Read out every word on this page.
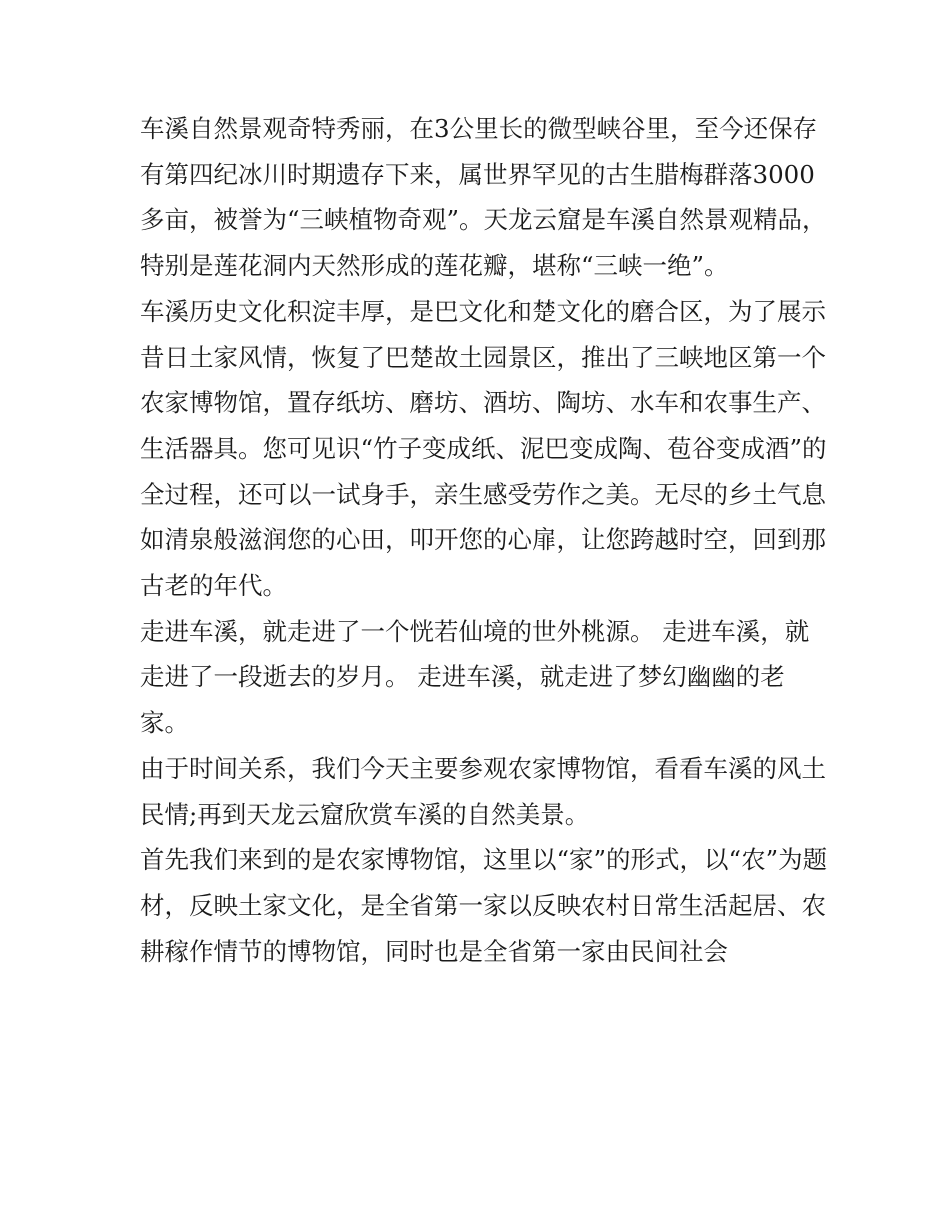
车溪自然景观奇特秀丽，在3公里长的微型峡谷里，至今还保存有第四纪冰川时期遗存下来，属世界罕见的古生腊梅群落3000多亩，被誉为“三峡植物奇观”。天龙云窟是车溪自然景观精品，特别是莲花洞内天然形成的莲花瓣，堪称“三峡一绝”。

车溪历史文化积淀丰厚，是巴文化和楚文化的磨合区，为了展示昔日土家风情，恢复了巴楚故土园景区，推出了三峡地区第一个农家博物馆，置存纸坊、磨坊、酒坊、陶坊、水车和农事生产、生活器具。您可见识“竹子变成纸、泥巴变成陶、苞谷变成酒”的全过程，还可以一试身手，亲生感受劳作之美。无尽的乡土气息如清泉般滋润您的心田，叩开您的心扉，让您跨越时空，回到那古老的年代。

走进车溪，就走进了一个恍若仙境的世外桃源。 走进车溪，就走进了一段逝去的岁月。 走进车溪，就走进了梦幻幽幽的老家。

由于时间关系，我们今天主要参观农家博物馆，看看车溪的风土民情;再到天龙云窟欣赏车溪的自然美景。

首先我们来到的是农家博物馆，这里以“家”的形式，以“农”为题材，反映土家文化，是全省第一家以反映农村日常生活起居、农耕稼作情节的博物馆，同时也是全省第一家由民间社会
